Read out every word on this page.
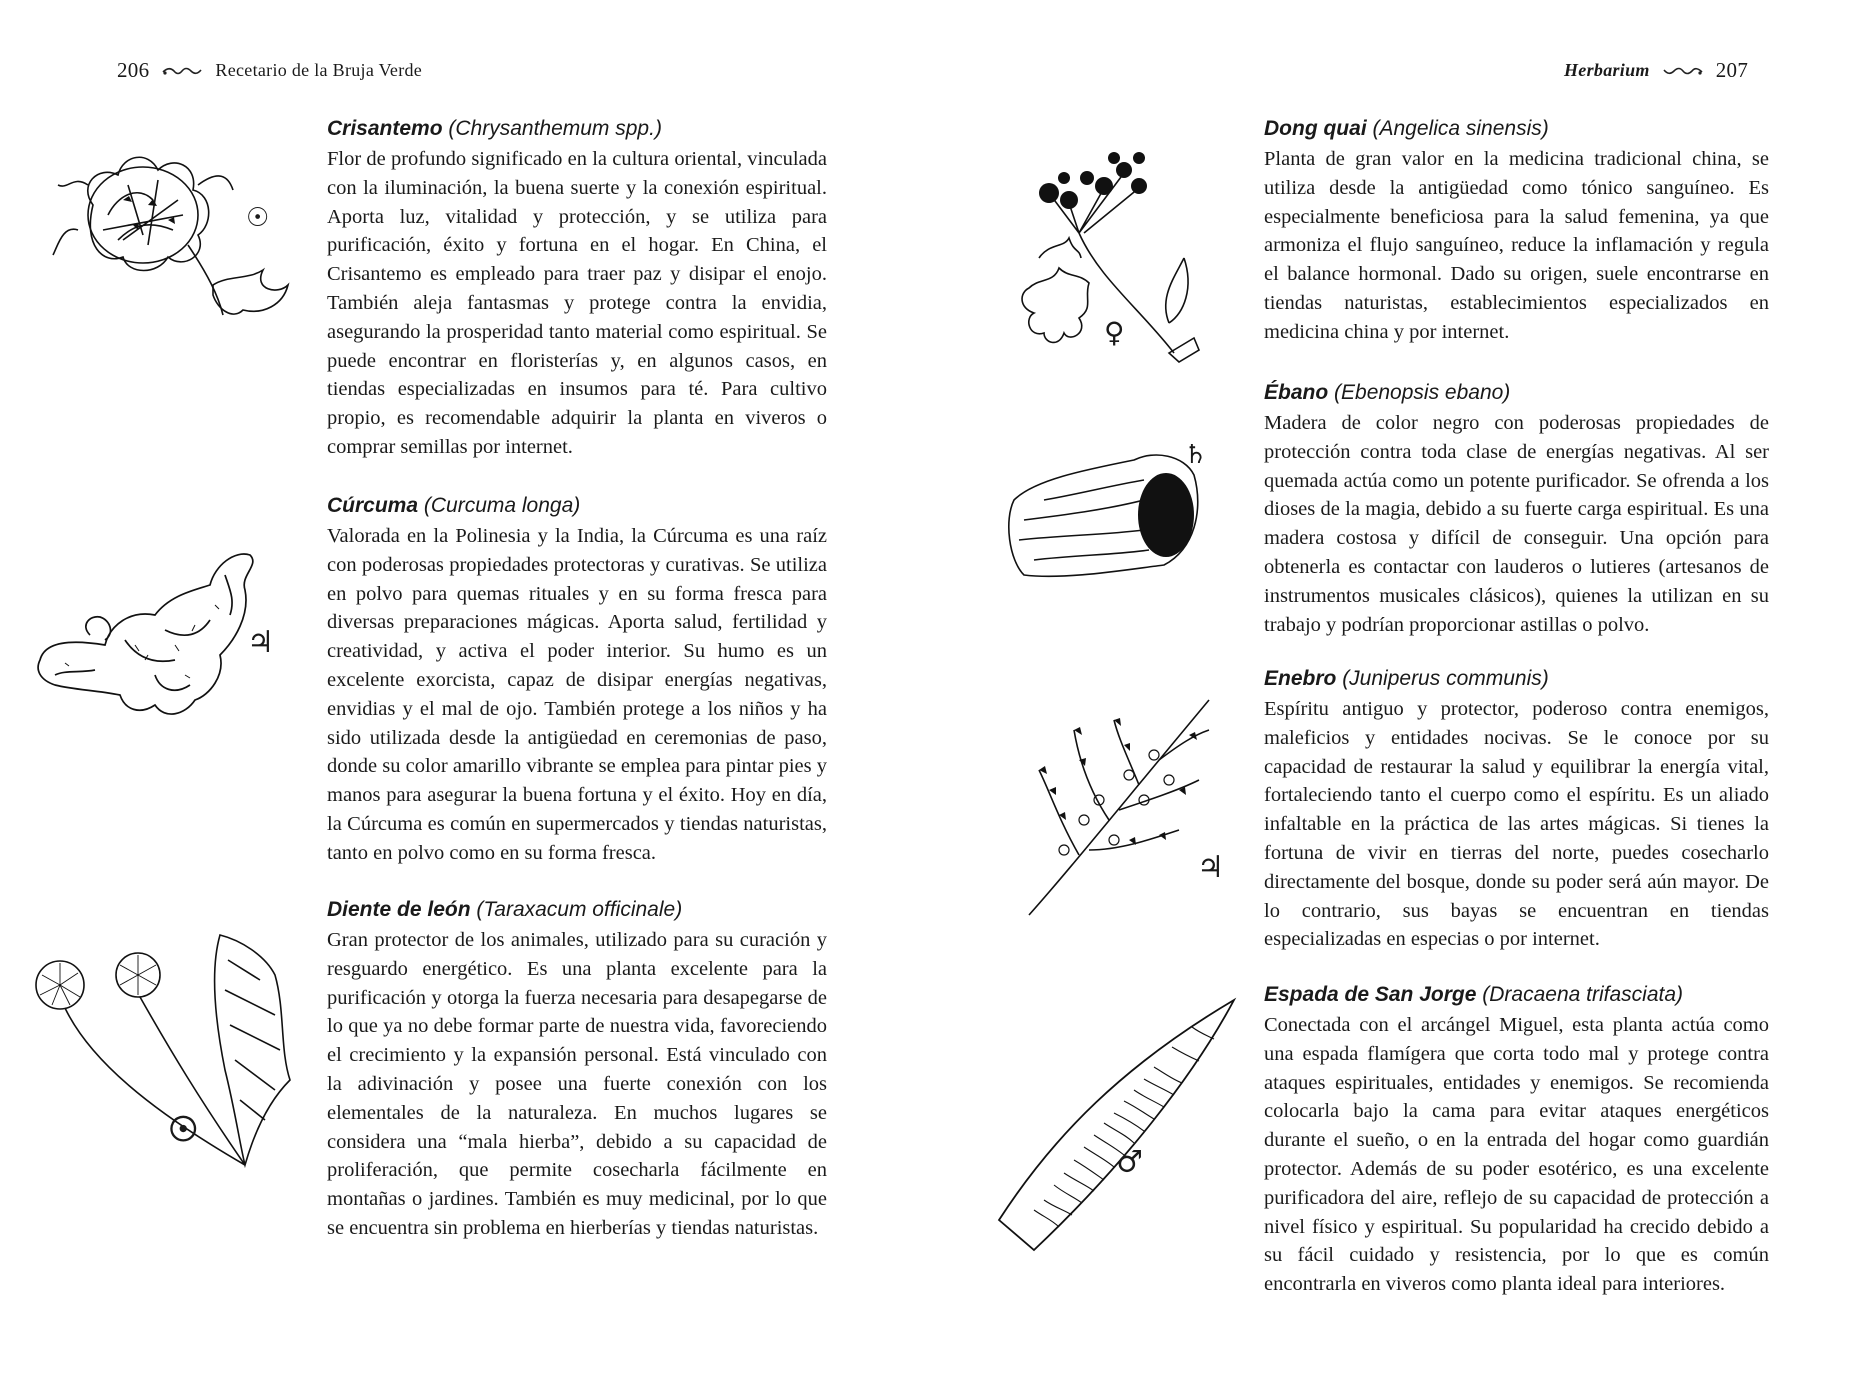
206	Recetario de la Bruja Verde
☉

Crisantemo (Chrysanthemum spp.)

Flor de profundo significado en la cultura oriental, vinculada con la iluminación, la buena suerte y la conexión espiritual. Aporta luz, vitalidad y protección, y se utiliza para purificación, éxito y fortuna en el hogar. En China, el Crisantemo es empleado para traer paz y disipar el enojo. También aleja fantasmas y protege contra la envidia, asegurando la prosperidad tanto material como espiritual. Se puede encontrar en floristerías y, en algunos casos, en tiendas especializadas en insumos para té. Para cultivo propio, es recomendable adquirir la planta en viveros o comprar semillas por internet.

♃

Cúrcuma (Curcuma longa)

Valorada en la Polinesia y la India, la Cúrcuma es una raíz con poderosas propiedades protectoras y curativas. Se utiliza en polvo para quemas rituales y en su forma fresca para diversas preparaciones mágicas. Aporta salud, fertilidad y creatividad, y activa el poder interior. Su humo es un excelente exorcista, capaz de disipar energías negativas, envidias y el mal de ojo. También protege a los niños y ha sido utilizada desde la antigüedad en ceremonias de paso, donde su color amarillo vibrante se emplea para pintar pies y manos para asegurar la buena fortuna y el éxito. Hoy en día, la Cúrcuma es común en supermercados y tiendas naturistas, tanto en polvo como en su forma fresca.

☉

Diente de león (Taraxacum officinale)

Gran protector de los animales, utilizado para su curación y resguardo energético. Es una planta excelente para la purificación y otorga la fuerza necesaria para desapegarse de lo que ya no debe formar parte de nuestra vida, favoreciendo el crecimiento y la expansión personal. Está vinculado con la adivinación y posee una fuerte conexión con los elementales de la naturaleza. En muchos lugares se considera una “mala hierba”, debido a su capacidad de proliferación, que permite cosecharla fácilmente en montañas o jardines. También es muy medicinal, por lo que se encuentra sin problema en hierberías y tiendas naturistas.

Herbarium	207
♀

Dong quai (Angelica sinensis)

Planta de gran valor en la medicina tradicional china, se utiliza desde la antigüedad como tónico sanguíneo. Es especialmente beneficiosa para la salud femenina, ya que armoniza el flujo sanguíneo, reduce la inflamación y regula el balance hormonal. Dado su origen, suele encontrarse en tiendas naturistas, establecimientos especializados en medicina china y por internet.

♄

Ébano (Ebenopsis ebano)

Madera de color negro con poderosas propiedades de protección contra toda clase de energías negativas. Al ser quemada actúa como un potente purificador. Se ofrenda a los dioses de la magia, debido a su fuerte carga espiritual. Es una madera costosa y difícil de conseguir. Una opción para obtenerla es contactar con lauderos o lutieres (artesanos de instrumentos musicales clásicos), quienes la utilizan en su trabajo y podrían proporcionar astillas o polvo.

♃

Enebro (Juniperus communis)

Espíritu antiguo y protector, poderoso contra enemigos, maleficios y entidades nocivas. Se le conoce por su capacidad de restaurar la salud y equilibrar la energía vital, fortaleciendo tanto el cuerpo como el espíritu. Es un aliado infaltable en la práctica de las artes mágicas. Si tienes la fortuna de vivir en tierras del norte, puedes cosecharlo directamente del bosque, donde su poder será aún mayor. De lo contrario, sus bayas se encuentran en tiendas especializadas en especias o por internet.

♂

Espada de San Jorge (Dracaena trifasciata)

Conectada con el arcángel Miguel, esta planta actúa como una espada flamígera que corta todo mal y protege contra ataques espirituales, entidades y enemigos. Se recomienda colocarla bajo la cama para evitar ataques energéticos durante el sueño, o en la entrada del hogar como guardián protector. Además de su poder esotérico, es una excelente purificadora del aire, reflejo de su capacidad de protección a nivel físico y espiritual. Su popularidad ha crecido debido a su fácil cuidado y resistencia, por lo que es común encontrarla en viveros como planta ideal para interiores.
